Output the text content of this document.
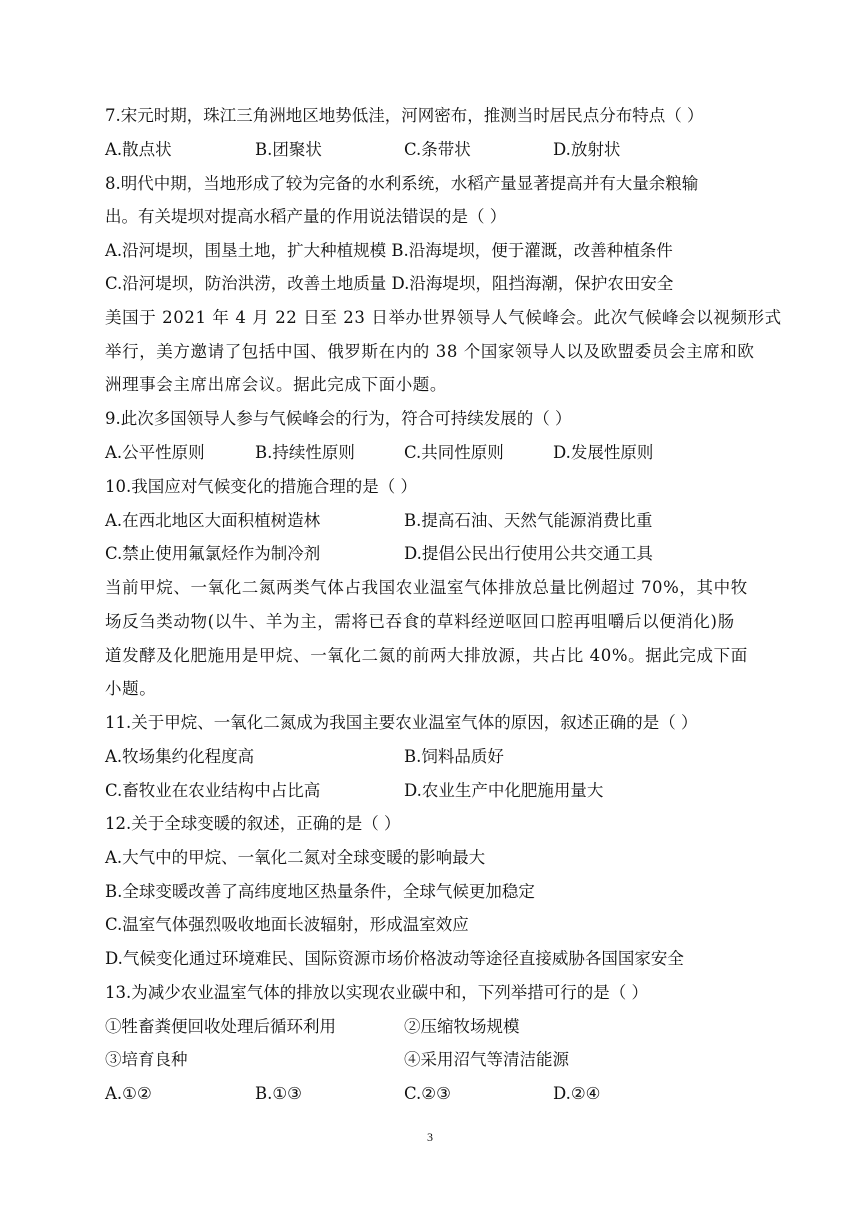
7.宋元时期，珠江三角洲地区地势低洼，河网密布，推测当时居民点分布特点（ ）
A.散点状	B.团聚状	C.条带状	D.放射状
8.明代中期，当地形成了较为完备的水利系统，水稻产量显著提高并有大量余粮输
出。有关堤坝对提高水稻产量的作用说法错误的是（ ）
A.沿河堤坝，围垦土地，扩大种植规模 B.沿海堤坝，便于灌溉，改善种植条件
C.沿河堤坝，防治洪涝，改善土地质量 D.沿海堤坝，阻挡海潮，保护农田安全
美国于 2021 年 4 月 22 日至 23 日举办世界领导人气候峰会。此次气候峰会以视频形式
举行，美方邀请了包括中国、俄罗斯在内的 38 个国家领导人以及欧盟委员会主席和欧
洲理事会主席出席会议。据此完成下面小题。
9.此次多国领导人参与气候峰会的行为，符合可持续发展的（ ）
A.公平性原则	B.持续性原则	C.共同性原则	D.发展性原则
10.我国应对气候变化的措施合理的是（ ）
A.在西北地区大面积植树造林	B.提高石油、天然气能源消费比重
C.禁止使用氟氯烃作为制冷剂	D.提倡公民出行使用公共交通工具
当前甲烷、一氧化二氮两类气体占我国农业温室气体排放总量比例超过 70%，其中牧
场反刍类动物(以牛、羊为主，需将已吞食的草料经逆呕回口腔再咀嚼后以便消化)肠
道发酵及化肥施用是甲烷、一氧化二氮的前两大排放源，共占比 40%。据此完成下面
小题。
11.关于甲烷、一氧化二氮成为我国主要农业温室气体的原因，叙述正确的是（ ）
A.牧场集约化程度高	B.饲料品质好
C.畜牧业在农业结构中占比高	D.农业生产中化肥施用量大
12.关于全球变暖的叙述，正确的是（ ）
A.大气中的甲烷、一氧化二氮对全球变暖的影响最大
B.全球变暖改善了高纬度地区热量条件，全球气候更加稳定
C.温室气体强烈吸收地面长波辐射，形成温室效应
D.气候变化通过环境难民、国际资源市场价格波动等途径直接威胁各国国家安全
13.为减少农业温室气体的排放以实现农业碳中和，下列举措可行的是（ ）
①牲畜粪便回收处理后循环利用	②压缩牧场规模
③培育良种	④采用沼气等清洁能源
A.①②	B.①③	C.②③	D.②④
3
